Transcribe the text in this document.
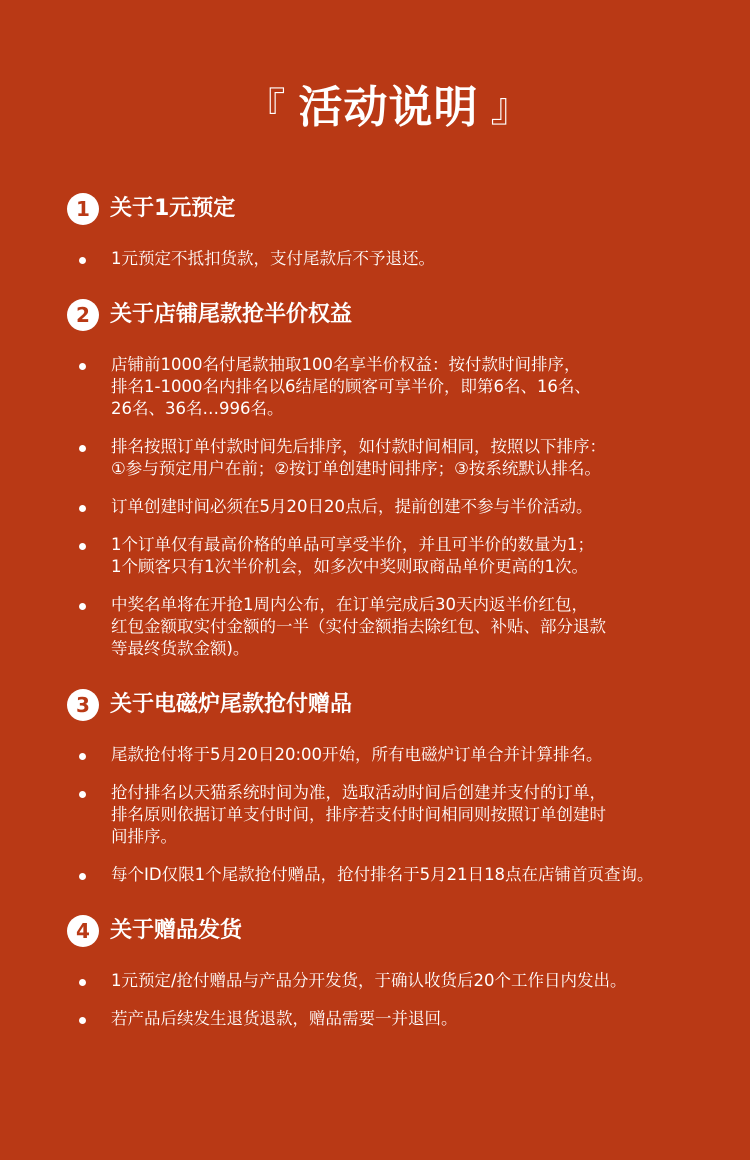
『 活动说明 』
1 关于1元预定
1元预定不抵扣货款，支付尾款后不予退还。
2 关于店铺尾款抢半价权益
店铺前1000名付尾款抽取100名享半价权益：按付款时间排序，
排名1-1000名内排名以6结尾的顾客可享半价，即第6名、16名、
26名、36名…996名。
排名按照订单付款时间先后排序，如付款时间相同，按照以下排序：
①参与预定用户在前；②按订单创建时间排序；③按系统默认排名。
订单创建时间必须在5月20日20点后，提前创建不参与半价活动。
1个订单仅有最高价格的单品可享受半价，并且可半价的数量为1；
1个顾客只有1次半价机会，如多次中奖则取商品单价更高的1次。
中奖名单将在开抢1周内公布，在订单完成后30天内返半价红包，
红包金额取实付金额的一半（实付金额指去除红包、补贴、部分退款
等最终货款金额)。
3 关于电磁炉尾款抢付赠品
尾款抢付将于5月20日20:00开始，所有电磁炉订单合并计算排名。
抢付排名以天猫系统时间为准，选取活动时间后创建并支付的订单，
排名原则依据订单支付时间，排序若支付时间相同则按照订单创建时
间排序。
每个ID仅限1个尾款抢付赠品，抢付排名于5月21日18点在店铺首页查询。
4 关于赠品发货
1元预定/抢付赠品与产品分开发货，于确认收货后20个工作日内发出。
若产品后续发生退货退款，赠品需要一并退回。
